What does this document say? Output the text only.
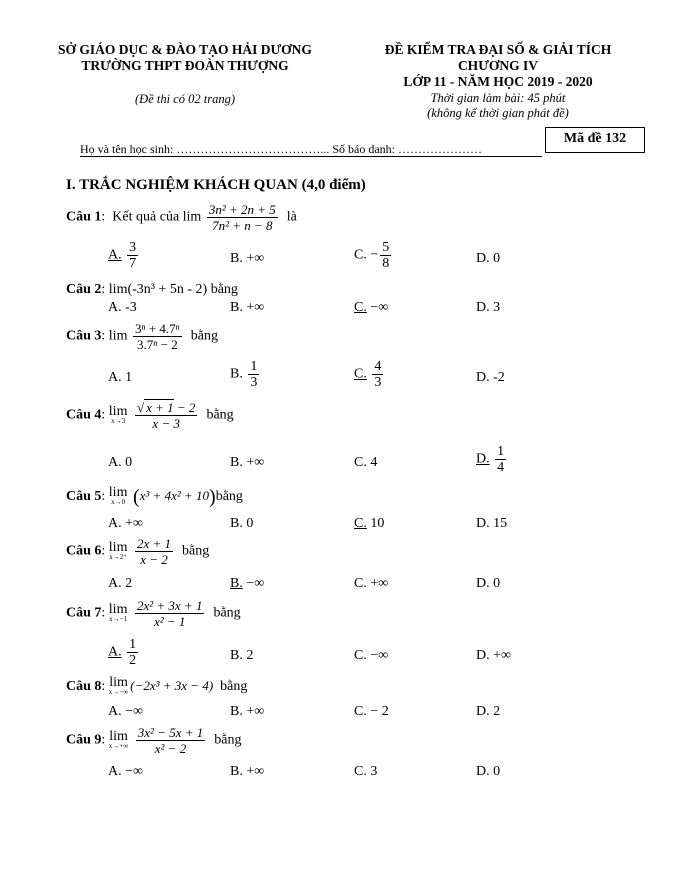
SỞ GIÁO DỤC & ĐÀO TẠO HẢI DƯƠNG
TRƯỜNG THPT ĐOÀN THƯỢNG
(Đề thi có 02 trang)
ĐỀ KIỂM TRA ĐẠI SỐ & GIẢI TÍCH
CHƯƠNG IV
LỚP 11 - NĂM HỌC 2019 - 2020
Thời gian làm bài: 45 phút
(không kể thời gian phát đề)
Họ và tên học sinh: ………………………………... Số báo danh: …………………
Mã đề 132
I. TRẮC NGHIỆM KHÁCH QUAN (4,0 điểm)
Câu 1:  Kết quả của $\lim \frac{\text{3n² + 2n + 5}}{\text{7n² + n − 8}}$ là
A. $\frac{3}{7}$	B. +∞	C. − $\frac{5}{8}$	D. 0
Câu 2: lim(-3n³ + 5n - 2) bằng
A. -3	B. +∞	C. −∞	D. 3
Câu 3: $\lim \frac{\text{3ⁿ + 4.7ⁿ}}{\text{3.7ⁿ − 2}}$ bằng
A. 1	B. $\frac{1}{3}$	C. $\frac{4}{3}$	D. -2
Câu 4: lim
x→3
$\frac{√ x + 1 - 2}{x - 3}$ bằng
A. 0	B. +∞	C. 4	D. $\frac{1}{4}$
Câu 5: lim
x→0 (x³ + 4x² + 10)bằng
A. +∞	B. 0	C. 10	D. 15
Câu 6: lim
x→2⁺
$\frac{2x + 1}{x - 2}$ bằng
A. 2	B. −∞	C. +∞	D. 0
Câu 7: lim
x→−1
$\frac{\text{2x² + 3x + 1}}{\text{x² − 1}}$ bằng
A. $\frac{1}{2}$	B. 2	C. −∞	D. +∞
Câu 8: lim
x→−∞ (−2x³ + 3x − 4) bằng
A. −∞	B. +∞	C. − 2	D. 2
Câu 9: lim
x→+∞
$\frac{\text{3x² − 5x + 1}}{\text{x² − 2}}$ bằng
A. −∞	B. +∞	C. 3	D. 0
